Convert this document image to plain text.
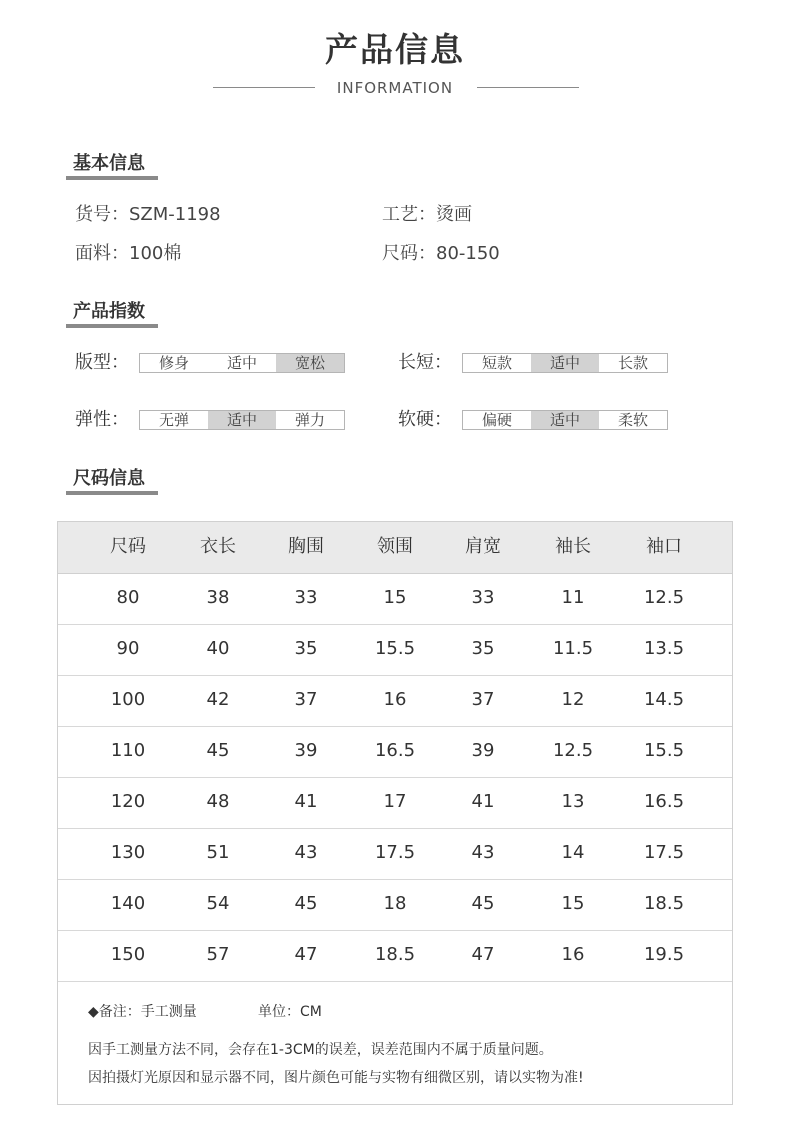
产品信息
INFORMATION
基本信息
货号：SZM-1198	工艺：烫画
面料：100棉	尺码：80-150
产品指数
版型：	修身	适中	宽松	长短：	短款	适中	长款
弹性：	无弹	适中	弹力	软硬：	偏硬	适中	柔软
尺码信息
尺码	衣长	胸围	领围	肩宽	袖长	袖口
80	38	33	15	33	11	12.5
90	40	35	15.5	35	11.5	13.5
100	42	37	16	37	12	14.5
110	45	39	16.5	39	12.5	15.5
120	48	41	17	41	13	16.5
130	51	43	17.5	43	14	17.5
140	54	45	18	45	15	18.5
150	57	47	18.5	47	16	19.5
◆备注：手工测量	单位：CM
因手工测量方法不同，会存在1-3CM的误差，误差范围内不属于质量问题。
因拍摄灯光原因和显示器不同，图片颜色可能与实物有细微区别，请以实物为准!
